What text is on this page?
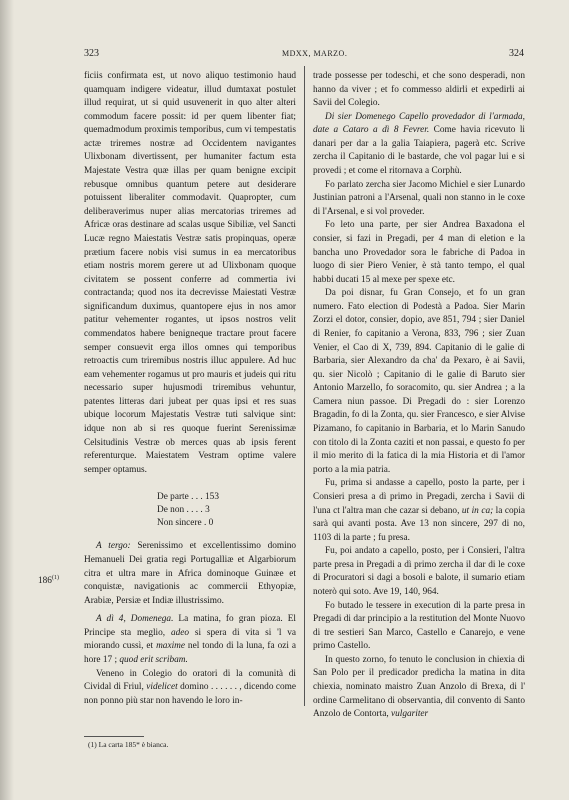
323	MDXX, MARZO.	324

ficiis confirmata est, ut novo aliquo testimonio haud quamquam indigere videatur, illud dumtaxat postulet illud requirat, ut si quid usuvenerit in quo alter alteri commodum facere possit: id per quem libenter fiat; quemadmodum proximis temporibus, cum vi tempestatis actæ triremes nostræ ad Occidentem navigantes Ulixbonam divertissent, per humaniter factum esta Majestate Vestra quæ illas per quam benigne excipit rebusque omnibus quantum petere aut desiderare potuissent liberaliter commodavit. Quapropter, cum deliberaverimus nuper alias mercatorias triremes ad Africæ oras destinare ad scalas usque Sibiliæ, vel Sancti Lucæ regno Maiestatis Vestræ satis propinquas, operæ prætium facere nobis visi sumus in ea mercatoribus etiam nostris morem gerere ut ad Ulixbonam quoque civitatem se possent conferre ad commertia ivi contractanda; quod nos ita decrevisse Maiestati Vestræ significandum duximus, quantopere ejus in nos amor patitur vehementer rogantes, ut ipsos nostros velit commendatos habere benigneque tractare prout facere semper consuevit erga illos omnes qui temporibus retroactis cum triremibus nostris illuc appulere. Ad huc eam vehementer rogamus ut pro mauris et judeis qui ritu necessario super hujusmodi triremibus vehuntur, patentes litteras dari jubeat per quas ipsi et res suas ubique locorum Majestatis Vestræ tuti salvique sint: idque non ab si res quoque fuerint Serenissimæ Celsitudinis Vestræ ob merces quas ab ipsis ferent referenturque. Maiestatem Vestram optime valere semper optamus.

De parte . . . 153
De non . . . . 3
Non sincere . 0

A tergo: Serenissimo et excellentissimo domino Hemanueli Dei gratia regi Portugalliæ et Algarbiorum citra et ultra mare in Africa dominoque Guinæe et conquistæ, navigationis ac commercii Ethyopiæ, Arabiæ, Persiæ et Indiæ illustrissimo.

A dì 4, Domenega. La matina, fo gran pioza. El Principe sta meglio, adeo si spera di vita si 'l va miorando cussì, et maxime nel tondo di la luna, fa ozi a hore 17 ; quod erit scribam.

Veneno in Colegio do oratori di la comunità di Cividal di Friul, videlicet domino . . . . . . , dicendo come non ponno più star non havendo le loro in-

186$^{(1)}$
(1) La carta 185* è bianca.

trade possesse per todeschi, et che sono desperadi, non hanno da viver ; et fo commesso aldirli et expedirli ai Savii del Colegio.

Di sier Domenego Capello provedador di l'armada, date a Cataro a dì 8 Fevrer. Come havia ricevuto li danari per dar a la galia Taiapiera, pagerà etc. Scrive zercha il Capitanio di le bastarde, che vol pagar lui e si provedi ; et come el ritornava a Corphù.

Fo parlato zercha sier Jacomo Michiel e sier Lunardo Justinian patroni a l'Arsenal, quali non stanno in le coxe di l'Arsenal, e si vol proveder.

Fo leto una parte, per sier Andrea Baxadona el consier, si fazi in Pregadi, per 4 man di eletion e la bancha uno Provedador sora le fabriche di Padoa in luogo di sier Piero Venier, è stà tanto tempo, el qual habbi ducati 15 al mexe per spexe etc.

Da poi disnar, fu Gran Consejo, et fo un gran numero. Fato election di Podestà a Padoa. Sier Marin Zorzi el dotor, consier, dopio, ave 851, 794 ; sier Daniel di Renier, fo capitanio a Verona, 833, 796 ; sier Zuan Venier, el Cao di X, 739, 894. Capitanio di le galie di Barbaria, sier Alexandro da cha' da Pexaro, è ai Savii, qu. sier Nicolò ; Capitanio di le galie di Baruto sier Antonio Marzello, fo soracomito, qu. sier Andrea ; a la Camera niun passoe. Di Pregadi do : sier Lorenzo Bragadin, fo di la Zonta, qu. sier Francesco, e sier Alvise Pizamano, fo capitanio in Barbaria, et lo Marin Sanudo con titolo di la Zonta caziti et non passai, e questo fo per il mio merito di la fatica di la mia Historia et di l'amor porto a la mia patria.

Fu, prima si andasse a capello, posto la parte, per i Consieri presa a dì primo in Pregadi, zercha i Savii di l'una ct l'altra man che cazar si debano, ut in ca; la copia sarà qui avanti posta. Ave 13 non sincere, 297 di no, 1103 di la parte ; fu presa.

Fu, poi andato a capello, posto, per i Consieri, l'altra parte presa in Pregadi a dì primo zercha il dar di le coxe di Procuratori si dagi a bosoli e balote, il sumario etiam noterò qui soto. Ave 19, 140, 964.

Fo butado le tessere in execution di la parte presa in Pregadi di dar principio a la restitution del Monte Nuovo di tre sestieri San Marco, Castello e Canarejo, e vene primo Castello.

In questo zorno, fo tenuto le conclusion in chiexia di San Polo per il predicador predicha la matina in dita chiexia, nominato maistro Zuan Anzolo di Brexa, di l' ordine Carmelitano di observantia, dil convento di Santo Anzolo de Contorta, vulgariter
